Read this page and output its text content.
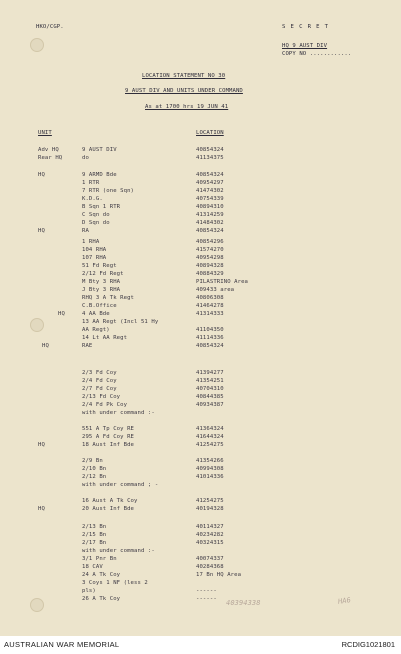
HKO/CGP.	S E C R E T
HQ 9 AUST DIV
COPY NO ............
LOCATION STATEMENT NO 30
9 AUST DIV AND UNITS UNDER COMMAND
As at 1700 hrs 19 JUN 41
UNIT	LOCATION
Adv HQ	9 AUST DIV	40854324
Rear HQ	do	41134375
HQ	9 ARMD Bde	40854324
1 RTR	40954297
7 RTR (one Sqn)	41474302
K.D.G.	40754339
B Sqn 1 RTR	40894310
C Sqn do	41314259
D Sqn do	41484302
HQ	RA	40854324
1 RHA	40854296
104 RHA	41574270
107 RHA	40954298
51 Fd Regt	40894328
2/12 Fd Regt	40884329
M Bty 3 RHA	PILASTRINO Area
J Bty 3 RHA	409433 area
RHQ 3 A Tk Regt	40806308
C.B.Office	41464278
HQ	4 AA Bde	41314333
13 AA Regt (Incl 51 Hy
AA Regt)	41104350
14 Lt AA Regt	41114336
HQ	RAE	40854324
2/3 Fd Coy	41394277
2/4 Fd Coy	41354251
2/7 Fd Coy	40704310
2/13 Fd Coy	40844385
2/4 Fd Pk Coy	40934387
with under command :-
551 A Tp Coy RE	41364324
295 A Fd Coy RE	41644324
HQ	18 Aust Inf Bde	41254275
2/9 Bn	41354266
2/10 Bn	40994308
2/12 Bn	41014336
with under command ; -
16 Aust A Tk Coy	41254275
HQ	20 Aust Inf Bde	40194328
2/13 Bn	40114327
2/15 Bn	40234282
2/17 Bn	40324315
with under command :-
3/1 Pnr Bn	40074337
18 CAV	40284368
24 A Tk Coy	17 Bn HQ Area
3 Coys 1 NF (less 2
pls)	------
26 A Tk Coy	------ 40394338	HA6
AUSTRALIAN WAR MEMORIAL	RCDIG1021801
